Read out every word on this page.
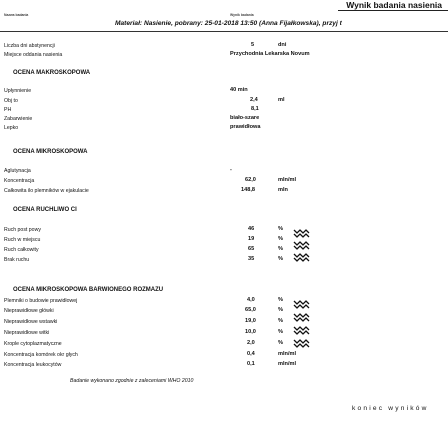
Wynik badania nasienia
Nazwa badania	Wynik badania
Materiał: Nasienie, pobrany: 25-01-2018 13:50 (Anna Fijałkowska), przyj t
Liczba dni abstynencji	5	dni
Miejsce oddania nasienia	Przychodnia Lekarska Novum
OCENA MAKROSKOPOWA
Upłynnienie	40 min
Obj to	2,4	ml
PH	8,1
Zabarwienie	biało-szare
Lepko	prawidłowa
OCENA MIKROSKOPOWA
Aglutynacja	-
Koncentracja	62,0	mln/ml
Całkowita ilo plemników w ejakulacie	148,8	mln
OCENA RUCHLIWO CI
Ruch post powy	46	%
Ruch w miejscu	19	%
Ruch całkowity	65	%
Brak ruchu	35	%
OCENA MIKROSKOPOWA BARWIONEGO ROZMAZU
Plemniki o budowie prawidłowej	4,0	%
Nieprawidłowe główki	65,0	%
Nieprawidłowe wstawki	19,0	%
Nieprawidłowe witki	10,0	%
Krople cytoplazmatyczne	2,0	%
Koncentracja komórek okr głych	0,4	mln/ml
Koncentracja leukocytów	0,1	mln/ml
Badanie wykonano zgodnie z zaleceniami WHO 2010
koniec wyników
